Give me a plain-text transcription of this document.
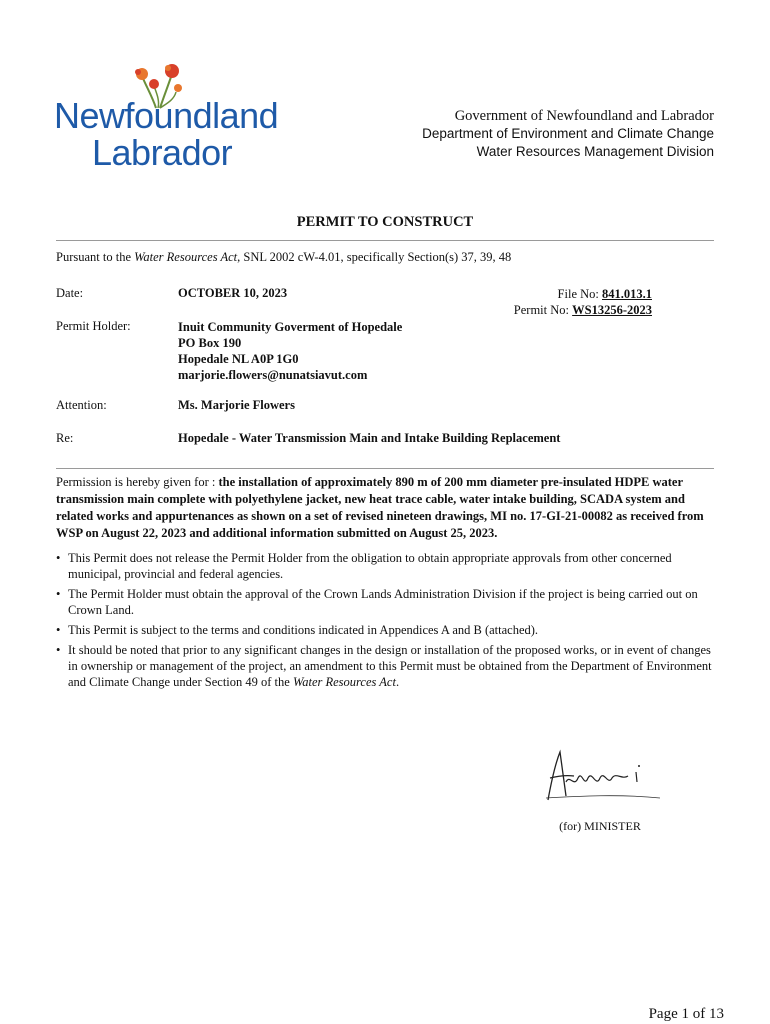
Newfoundland
Labrador
Government of Newfoundland and Labrador
Department of Environment and Climate Change
Water Resources Management Division
PERMIT TO CONSTRUCT
Pursuant to the Water Resources Act, SNL 2002 cW-4.01, specifically Section(s) 37, 39, 48
Date:	OCTOBER 10, 2023	File No: 841.013.1
Permit No: WS13256-2023
Permit Holder:	Inuit Community Goverment of Hopedale
PO Box 190
Hopedale NL A0P 1G0
marjorie.flowers@nunatsiavut.com
Attention:	Ms. Marjorie Flowers
Re:	Hopedale - Water Transmission Main and Intake Building Replacement
Permission is hereby given for : the installation of approximately 890 m of 200 mm diameter pre-insulated HDPE water transmission main complete with polyethylene jacket, new heat trace cable, water intake building, SCADA system and related works and appurtenances as shown on a set of revised nineteen drawings, MI no. 17-GI-21-00082 as received from WSP on August 22, 2023 and additional information submitted on August 25, 2023.
• This Permit does not release the Permit Holder from the obligation to obtain appropriate approvals from other concerned municipal, provincial and federal agencies.
• The Permit Holder must obtain the approval of the Crown Lands Administration Division if the project is being carried out on Crown Land.
• This Permit is subject to the terms and conditions indicated in Appendices A and B (attached).
• It should be noted that prior to any significant changes in the design or installation of the proposed works, or in event of changes in ownership or management of the project, an amendment to this Permit must be obtained from the Department of Environment and Climate Change under Section 49 of the Water Resources Act.
(for) MINISTER
Page 1 of 13
